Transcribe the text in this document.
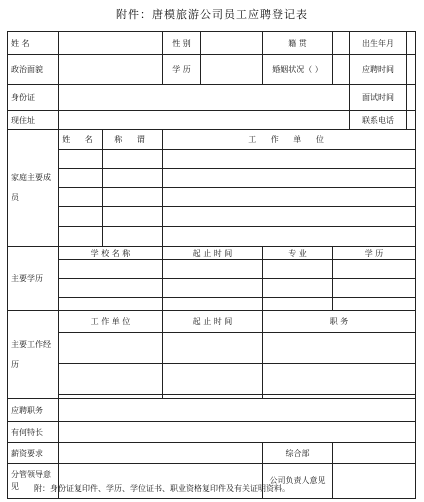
附件：唐模旅游公司员工应聘登记表
姓 名			性 别		籍 贯		出生年月	
政治面貌			学 历		婚姻状况（ ）		应聘时间	
身份证							面试时间	
现住址							联系电话	
家庭主要成员	姓 名	称 谓	工 作 单 位					

主要学历	学 校 名 称		起 止 时 间		专 业	学 历		

主要工作经历	工 作 单 位		起 止 时 间		职 务			

应聘职务								
有何特长								
薪资要求					综合部			
分管领导意见					公司负责人意见			
附：身份证复印件、学历、学位证书、职业资格复印件及有关证明资料。
